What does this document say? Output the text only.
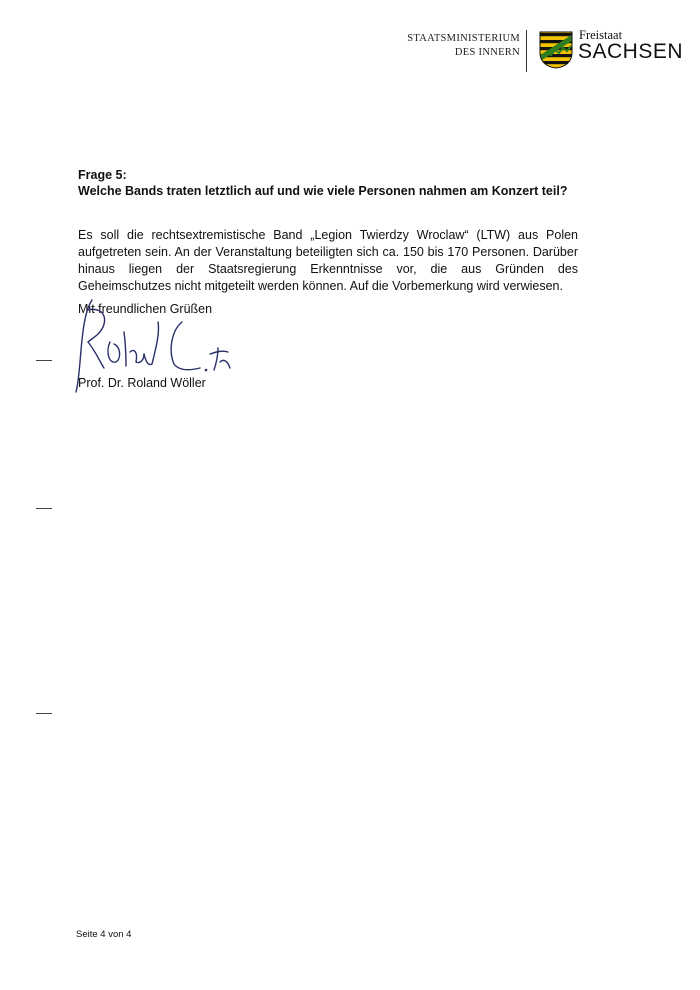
STAATSMINISTERIUM
DES INNERN
Freistaat
SACHSEN
Frage 5:
Welche Bands traten letztlich auf und wie viele Personen nahmen am Konzert teil?
Es soll die rechtsextremistische Band „Legion Twierdzy Wroclaw“ (LTW) aus Polen aufgetreten sein. An der Veranstaltung beteiligten sich ca. 150 bis 170 Personen. Darüber hinaus liegen der Staatsregierung Erkenntnisse vor, die aus Gründen des Geheimschutzes nicht mitgeteilt werden können. Auf die Vorbemerkung wird verwiesen.
Mit freundlichen Grüßen
Prof. Dr. Roland Wöller
Seite 4 von 4
